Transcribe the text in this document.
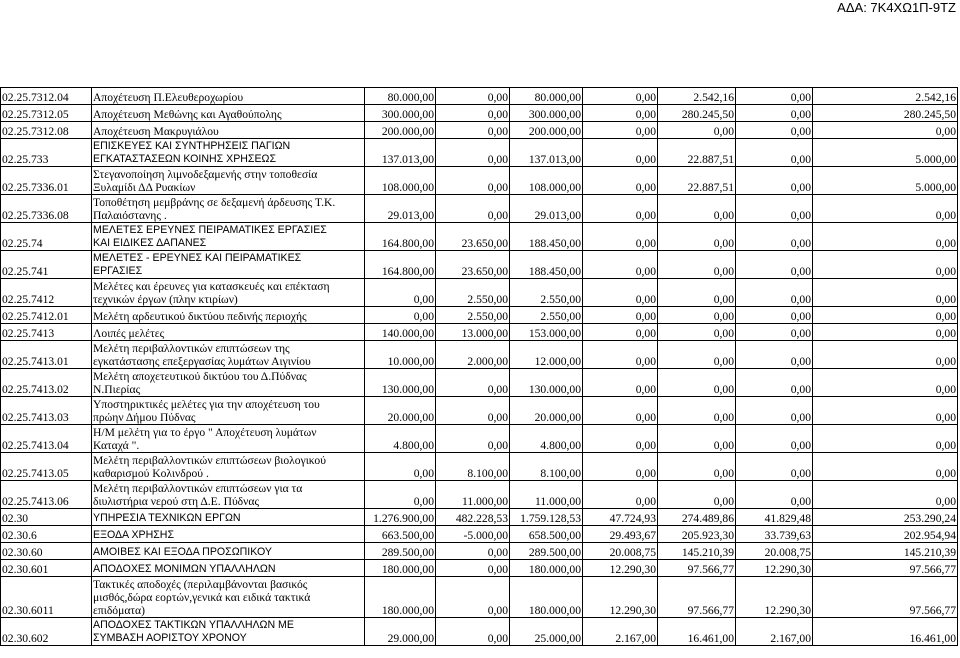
ΑΔΑ: 7Κ4ΧΩ1Π-9ΤΖ
02.25.7312.04	Αποχέτευση Π.Ελευθεροχωρίου	80.000,00	0,00	80.000,00	0,00	2.542,16	0,00	2.542,16
02.25.7312.05	Αποχέτευση Μεθώνης και Αγαθούπολης	300.000,00	0,00	300.000,00	0,00	280.245,50	0,00	280.245,50
02.25.7312.08	Αποχέτευση Μακρυγιάλου	200.000,00	0,00	200.000,00	0,00	0,00	0,00	0,00
02.25.733	ΕΠΙΣΚΕΥΕΣ ΚΑΙ ΣΥΝΤΗΡΗΣΕΙΣ ΠΑΓΙΩΝ
ΕΓΚΑΤΑΣΤΑΣΕΩΝ ΚΟΙΝΗΣ ΧΡΗΣΕΩΣ	137.013,00	0,00	137.013,00	0,00	22.887,51	0,00	5.000,00
02.25.7336.01	Στεγανοποίηση λιμνοδεξαμενής στην τοποθεσία
Ξυλαμίδι ΔΔ Ρυακίων	108.000,00	0,00	108.000,00	0,00	22.887,51	0,00	5.000,00
02.25.7336.08	Τοποθέτηση μεμβράνης σε δεξαμενή άρδευσης Τ.Κ.
Παλαιόστανης .	29.013,00	0,00	29.013,00	0,00	0,00	0,00	0,00
02.25.74	ΜΕΛΕΤΕΣ ΕΡΕΥΝΕΣ ΠΕΙΡΑΜΑΤΙΚΕΣ ΕΡΓΑΣΙΕΣ
ΚΑΙ ΕΙΔΙΚΕΣ ΔΑΠΑΝΕΣ	164.800,00	23.650,00	188.450,00	0,00	0,00	0,00	0,00
02.25.741	ΜΕΛΕΤΕΣ - ΕΡΕΥΝΕΣ ΚΑΙ ΠΕΙΡΑΜΑΤΙΚΕΣ
ΕΡΓΑΣΙΕΣ	164.800,00	23.650,00	188.450,00	0,00	0,00	0,00	0,00
02.25.7412	Μελέτες και έρευνες για κατασκευές και επέκταση
τεχνικών έργων (πλην κτιρίων)	0,00	2.550,00	2.550,00	0,00	0,00	0,00	0,00
02.25.7412.01	Μελέτη αρδευτικού δικτύου πεδινής περιοχής	0,00	2.550,00	2.550,00	0,00	0,00	0,00	0,00
02.25.7413	Λοιπές μελέτες	140.000,00	13.000,00	153.000,00	0,00	0,00	0,00	0,00
02.25.7413.01	Μελέτη περιβαλλοντικών επιπτώσεων της
εγκατάστασης επεξεργασίας λυμάτων Αιγινίου	10.000,00	2.000,00	12.000,00	0,00	0,00	0,00	0,00
02.25.7413.02	Μελέτη αποχετευτικού δικτύου του Δ.Πύδνας
Ν.Πιερίας	130.000,00	0,00	130.000,00	0,00	0,00	0,00	0,00
02.25.7413.03	Υποστηρικτικές μελέτες για την αποχέτευση του
πρώην Δήμου Πύδνας	20.000,00	0,00	20.000,00	0,00	0,00	0,00	0,00
02.25.7413.04	Η/Μ μελέτη για το έργο " Αποχέτευση λυμάτων
Καταχά ".	4.800,00	0,00	4.800,00	0,00	0,00	0,00	0,00
02.25.7413.05	Μελέτη περιβαλλοντικών επιπτώσεων βιολογικού
καθαρισμού Κολινδρού .	0,00	8.100,00	8.100,00	0,00	0,00	0,00	0,00
02.25.7413.06	Μελέτη περιβαλλοντικών επιπτώσεων για τα
διυλιστήρια νερού στη Δ.Ε. Πύδνας	0,00	11.000,00	11.000,00	0,00	0,00	0,00	0,00
02.30	ΥΠΗΡΕΣΙΑ ΤΕΧΝΙΚΩΝ ΕΡΓΩΝ	1.276.900,00	482.228,53	1.759.128,53	47.724,93	274.489,86	41.829,48	253.290,24
02.30.6	ΕΞΟΔΑ ΧΡΗΣΗΣ	663.500,00	-5.000,00	658.500,00	29.493,67	205.923,30	33.739,63	202.954,94
02.30.60	ΑΜΟΙΒΕΣ ΚΑΙ ΕΞΟΔΑ ΠΡΟΣΩΠΙΚΟΥ	289.500,00	0,00	289.500,00	20.008,75	145.210,39	20.008,75	145.210,39
02.30.601	ΑΠΟΔΟΧΕΣ ΜΟΝΙΜΩΝ ΥΠΑΛΛΗΛΩΝ	180.000,00	0,00	180.000,00	12.290,30	97.566,77	12.290,30	97.566,77
02.30.6011	Τακτικές αποδοχές (περιλαμβάνονται βασικός
μισθός,δώρα εορτών,γενικά και ειδικά τακτικά
επιδόματα)	180.000,00	0,00	180.000,00	12.290,30	97.566,77	12.290,30	97.566,77
02.30.602	ΑΠΟΔΟΧΕΣ ΤΑΚΤΙΚΩΝ ΥΠΑΛΛΗΛΩΝ ΜΕ
ΣΥΜΒΑΣΗ ΑΟΡΙΣΤΟΥ ΧΡΟΝΟΥ	29.000,00	0,00	25.000,00	2.167,00	16.461,00	2.167,00	16.461,00
